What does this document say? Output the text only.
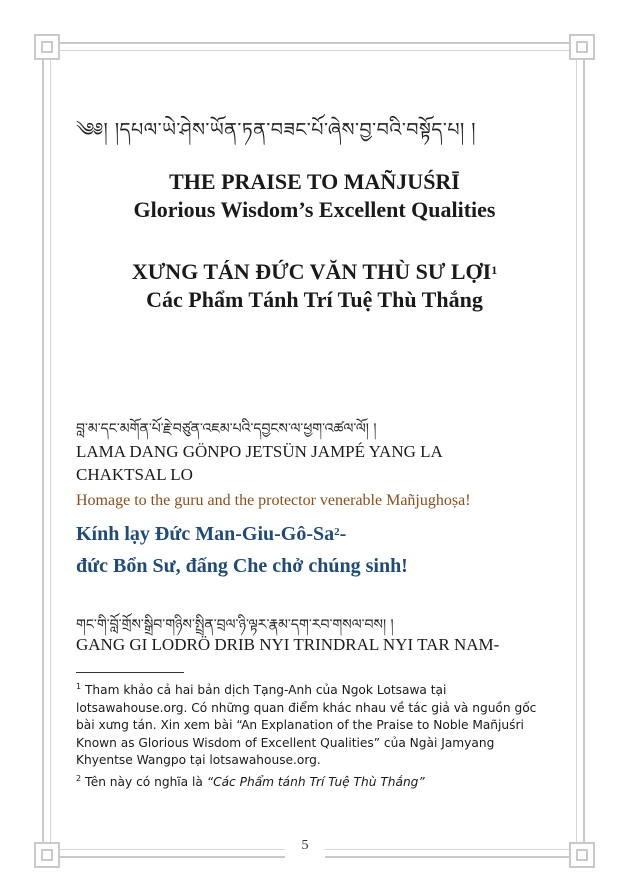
༄༅། །དཔལ་ཡེ་ཤེས་ཡོན་ཏན་བཟང་པོ་ཞེས་བྱ་བའི་བསྟོད་པ། །
THE PRAISE TO MAÑJUŚRĪ
Glorious Wisdom’s Excellent Qualities
XƯNG TÁN ĐỨC VĂN THÙ SƯ LỢI$^1$
Các Phẩm Tánh Trí Tuệ Thù Thắng
བླ་མ་དང་མགོན་པོ་རྗེ་བཙུན་འཇམ་པའི་དབྱངས་ལ་ཕྱག་འཚལ་ལོ། །
LAMA DANG GÖNPO JETSÜN JAMPÉ YANG LA
CHAKTSAL LO
Homage to the guru and the protector venerable Mañjughoṣa!
Kính lạy Đức Man-Giu-Gô-Sa$^2$-
đức Bổn Sư, đấng Che chở chúng sinh!
གང་གི་བློ་གྲོས་སྒྲིབ་གཉིས་སྤྲིན་བྲལ་ཉི་ལྟར་རྣམ་དག་རབ་གསལ་བས། །
GANG GI LODRÖ DRIB NYI TRINDRAL NYI TAR NAM-

$^1$ Tham khảo cả hai bản dịch Tạng-Anh của Ngok Lotsawa tại lotsawahouse.org. Có những quan điểm khác nhau về tác giả và nguồn gốc bài xưng tán. Xin xem bài “An Explanation of the Praise to Noble Mañjuśri Known as Glorious Wisdom of Excellent Qualities” của Ngài Jamyang Khyentse Wangpo tại lotsawahouse.org.

$^2$ Tên này có nghĩa là “Các Phẩm tánh Trí Tuệ Thù Thắng”

5
